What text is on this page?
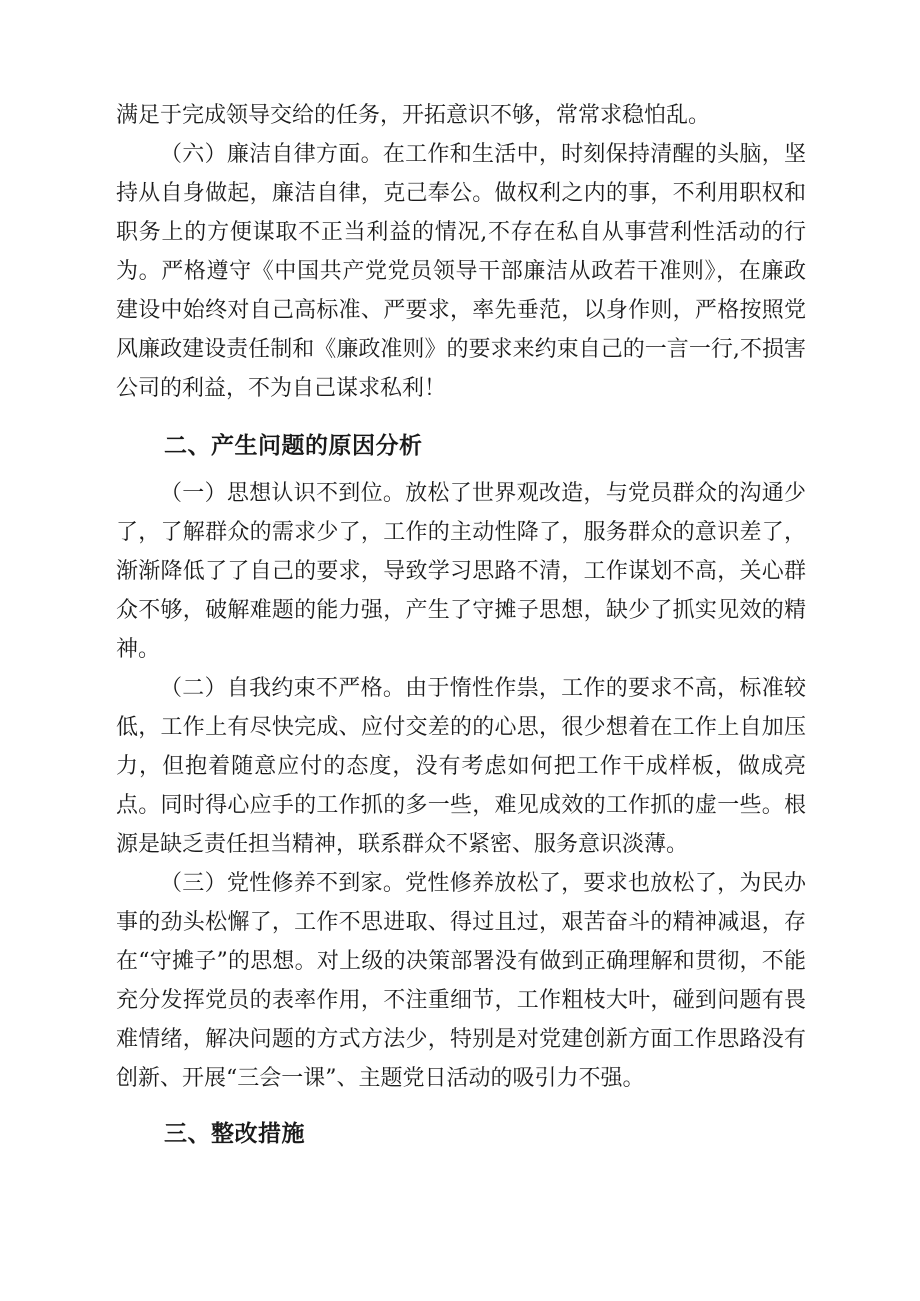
满足于完成领导交给的任务，开拓意识不够，常常求稳怕乱。

（六）廉洁自律方面。在工作和生活中，时刻保持清醒的头脑，坚持从自身做起，廉洁自律，克己奉公。做权利之内的事，不利用职权和职务上的方便谋取不正当利益的情况,不存在私自从事营利性活动的行为。严格遵守《中国共产党党员领导干部廉洁从政若干准则》，在廉政建设中始终对自己高标准、严要求，率先垂范，以身作则，严格按照党风廉政建设责任制和《廉政准则》的要求来约束自己的一言一行,不损害公司的利益，不为自己谋求私利！

二、产生问题的原因分析

（一）思想认识不到位。放松了世界观改造，与党员群众的沟通少了，了解群众的需求少了，工作的主动性降了，服务群众的意识差了，渐渐降低了了自己的要求，导致学习思路不清，工作谋划不高，关心群众不够，破解难题的能力强，产生了守摊子思想，缺少了抓实见效的精神。

（二）自我约束不严格。由于惰性作祟，工作的要求不高，标准较低，工作上有尽快完成、应付交差的的心思，很少想着在工作上自加压力，但抱着随意应付的态度，没有考虑如何把工作干成样板，做成亮点。同时得心应手的工作抓的多一些，难见成效的工作抓的虚一些。根源是缺乏责任担当精神，联系群众不紧密、服务意识淡薄。

（三）党性修养不到家。党性修养放松了，要求也放松了，为民办事的劲头松懈了，工作不思进取、得过且过，艰苦奋斗的精神减退，存在“守摊子”的思想。对上级的决策部署没有做到正确理解和贯彻，不能充分发挥党员的表率作用，不注重细节，工作粗枝大叶，碰到问题有畏难情绪，解决问题的方式方法少，特别是对党建创新方面工作思路没有创新、开展“三会一课”、主题党日活动的吸引力不强。

三、整改措施
